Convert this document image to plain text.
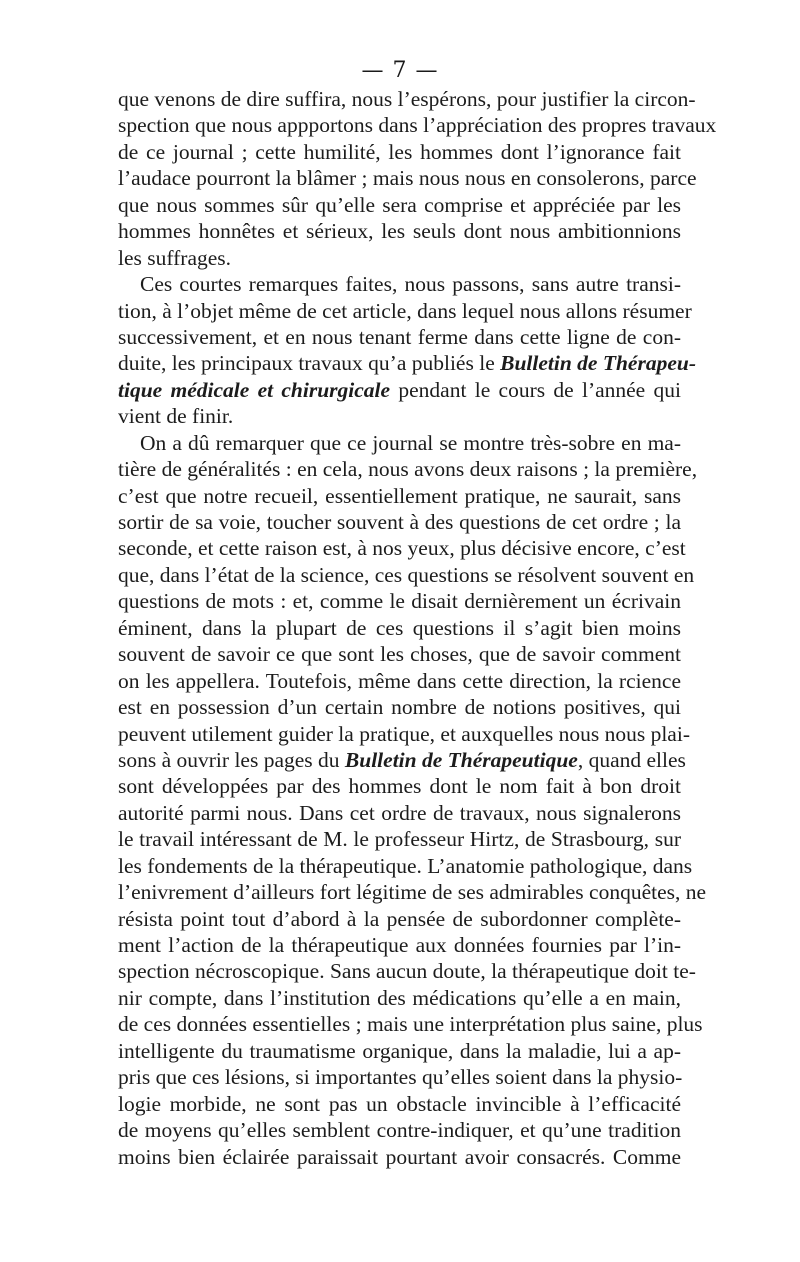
— 7 —
que venons de dire suffira, nous l’espérons, pour justifier la circon-
spection que nous appportons dans l’appréciation des propres travaux
de ce journal ; cette humilité, les hommes dont l’ignorance fait
l’audace pourront la blâmer ; mais nous nous en consolerons, parce
que nous sommes sûr qu’elle sera comprise et appréciée par les
hommes honnêtes et sérieux, les seuls dont nous ambitionnions
les suffrages.
Ces courtes remarques faites, nous passons, sans autre transi-
tion, à l’objet même de cet article, dans lequel nous allons résumer
successivement, et en nous tenant ferme dans cette ligne de con-
duite, les principaux travaux qu’a publiés le Bulletin de Thérapeu-
tique médicale et chirurgicale pendant le cours de l’année qui
vient de finir.
On a dû remarquer que ce journal se montre très-sobre en ma-
tière de généralités : en cela, nous avons deux raisons ; la première,
c’est que notre recueil, essentiellement pratique, ne saurait, sans
sortir de sa voie, toucher souvent à des questions de cet ordre ; la
seconde, et cette raison est, à nos yeux, plus décisive encore, c’est
que, dans l’état de la science, ces questions se résolvent souvent en
questions de mots : et, comme le disait dernièrement un écrivain
éminent, dans la plupart de ces questions il s’agit bien moins
souvent de savoir ce que sont les choses, que de savoir comment
on les appellera. Toutefois, même dans cette direction, la rcience
est en possession d’un certain nombre de notions positives, qui
peuvent utilement guider la pratique, et auxquelles nous nous plai-
sons à ouvrir les pages du Bulletin de Thérapeutique, quand elles
sont développées par des hommes dont le nom fait à bon droit
autorité parmi nous. Dans cet ordre de travaux, nous signalerons
le travail intéressant de M. le professeur Hirtz, de Strasbourg, sur
les fondements de la thérapeutique. L’anatomie pathologique, dans
l’enivrement d’ailleurs fort légitime de ses admirables conquêtes, ne
résista point tout d’abord à la pensée de subordonner complète-
ment l’action de la thérapeutique aux données fournies par l’in-
spection nécroscopique. Sans aucun doute, la thérapeutique doit te-
nir compte, dans l’institution des médications qu’elle a en main,
de ces données essentielles ; mais une interprétation plus saine, plus
intelligente du traumatisme organique, dans la maladie, lui a ap-
pris que ces lésions, si importantes qu’elles soient dans la physio-
logie morbide, ne sont pas un obstacle invincible à l’efficacité
de moyens qu’elles semblent contre-indiquer, et qu’une tradition
moins bien éclairée paraissait pourtant avoir consacrés. Comme
